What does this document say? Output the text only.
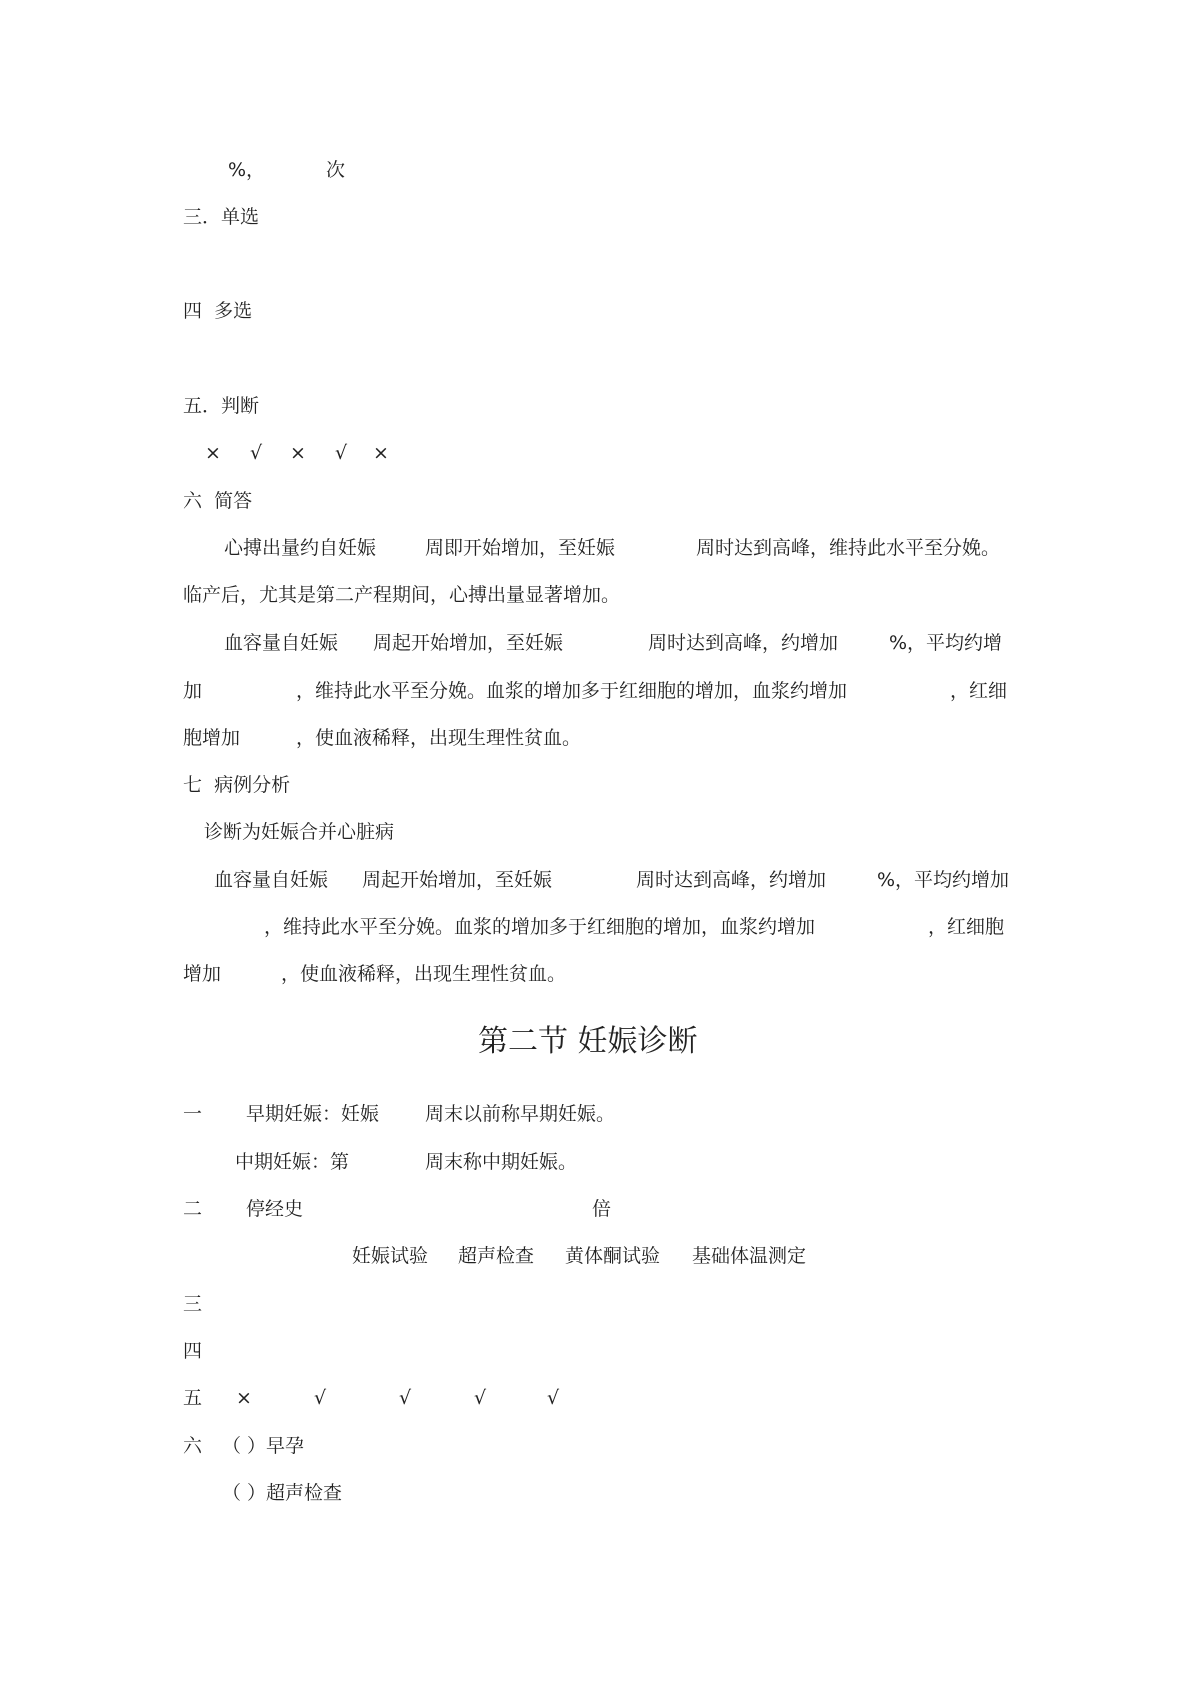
%，	次
三．单选
四  多选
五．判断
× √ × √ ×
六  简答
心搏出量约自妊娠	周即开始增加，至妊娠	周时达到高峰，维持此水平至分娩。
临产后，尤其是第二产程期间，心搏出量显著增加。
血容量自妊娠 周起开始增加，至妊娠	周时达到高峰，约增加	%，平均约增
加	，维持此水平至分娩。血浆的增加多于红细胞的增加，血浆约增加	，红细
胞增加	，使血液稀释，出现生理性贫血。
七  病例分析
诊断为妊娠合并心脏病
血容量自妊娠 周起开始增加，至妊娠	周时达到高峰，约增加	%，平均约增加
，维持此水平至分娩。血浆的增加多于红细胞的增加，血浆约增加	，红细胞
增加	，使血液稀释，出现生理性贫血。
第二节 妊娠诊断
一 早期妊娠：妊娠 周末以前称早期妊娠。
中期妊娠：第	周末称中期妊娠。
二 停经史	倍
妊娠试验 超声检查 黄体酮试验 基础体温测定
三
四
五 ×	√	√	√	√
六 （ ）早孕
（ ）超声检查
